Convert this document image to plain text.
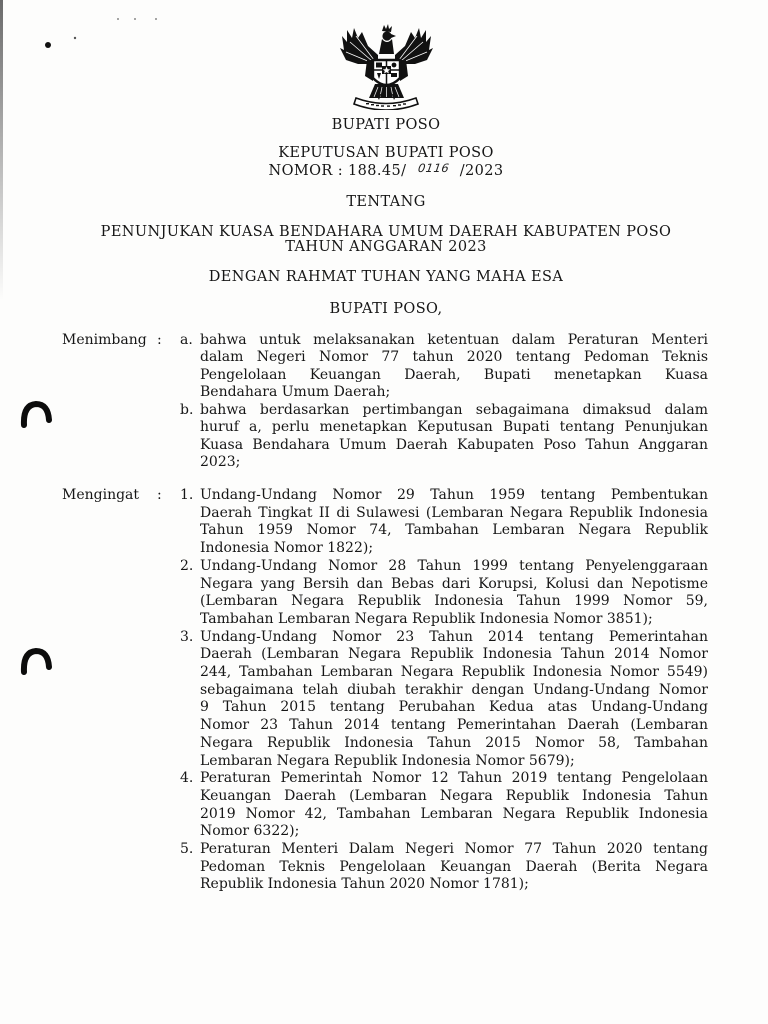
BUPATI POSO
KEPUTUSAN BUPATI POSO
NOMOR : 188.45/ 0116 /2023
TENTANG
PENUNJUKAN KUASA BENDAHARA UMUM DAERAH KABUPATEN POSO
TAHUN ANGGARAN 2023
DENGAN RAHMAT TUHAN YANG MAHA ESA
BUPATI POSO,
Menimbang : a. bahwa untuk melaksanakan ketentuan dalam Peraturan Menteri
dalam Negeri Nomor 77 tahun 2020 tentang Pedoman Teknis
Pengelolaan Keuangan Daerah, Bupati menetapkan Kuasa
Bendahara Umum Daerah;
b. bahwa berdasarkan pertimbangan sebagaimana dimaksud dalam
huruf a, perlu menetapkan Keputusan Bupati tentang Penunjukan
Kuasa Bendahara Umum Daerah Kabupaten Poso Tahun Anggaran
2023;
Mengingat : 1. Undang-Undang Nomor 29 Tahun 1959 tentang Pembentukan
Daerah Tingkat II di Sulawesi (Lembaran Negara Republik Indonesia
Tahun 1959 Nomor 74, Tambahan Lembaran Negara Republik
Indonesia Nomor 1822);
2. Undang-Undang Nomor 28 Tahun 1999 tentang Penyelenggaraan
Negara yang Bersih dan Bebas dari Korupsi, Kolusi dan Nepotisme
(Lembaran Negara Republik Indonesia Tahun 1999 Nomor 59,
Tambahan Lembaran Negara Republik Indonesia Nomor 3851);
3. Undang-Undang Nomor 23 Tahun 2014 tentang Pemerintahan
Daerah (Lembaran Negara Republik Indonesia Tahun 2014 Nomor
244, Tambahan Lembaran Negara Republik Indonesia Nomor 5549)
sebagaimana telah diubah terakhir dengan Undang-Undang Nomor
9 Tahun 2015 tentang Perubahan Kedua atas Undang-Undang
Nomor 23 Tahun 2014 tentang Pemerintahan Daerah (Lembaran
Negara Republik Indonesia Tahun 2015 Nomor 58, Tambahan
Lembaran Negara Republik Indonesia Nomor 5679);
4. Peraturan Pemerintah Nomor 12 Tahun 2019 tentang Pengelolaan
Keuangan Daerah (Lembaran Negara Republik Indonesia Tahun
2019 Nomor 42, Tambahan Lembaran Negara Republik Indonesia
Nomor 6322);
5. Peraturan Menteri Dalam Negeri Nomor 77 Tahun 2020 tentang
Pedoman Teknis Pengelolaan Keuangan Daerah (Berita Negara
Republik Indonesia Tahun 2020 Nomor 1781);
